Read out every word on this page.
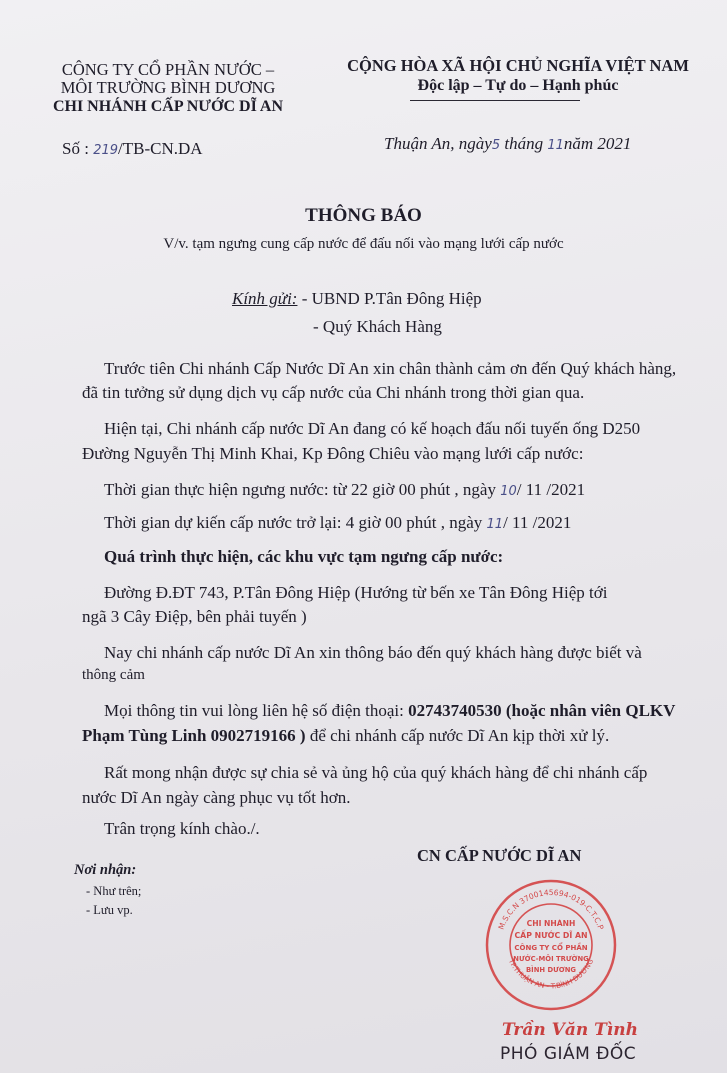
CÔNG TY CỔ PHẦN NƯỚC –
MÔI TRƯỜNG BÌNH DƯƠNG
CHI NHÁNH CẤP NƯỚC DĨ AN
CỘNG HÒA XÃ HỘI CHỦ NGHĨA VIỆT NAM
Độc lập – Tự do – Hạnh phúc
Số : 219/TB-CN.DA	Thuận An, ngày5 tháng 11năm 2021
THÔNG BÁO
V/v. tạm ngưng cung cấp nước để đấu nối vào mạng lưới cấp nước
Kính gửi: - UBND P.Tân Đông Hiệp
- Quý Khách Hàng
Trước tiên Chi nhánh Cấp Nước Dĩ An xin chân thành cảm ơn đến Quý khách hàng,
đã tin tưởng sử dụng dịch vụ cấp nước của Chi nhánh trong thời gian qua.
Hiện tại, Chi nhánh cấp nước Dĩ An đang có kế hoạch đấu nối tuyến ống D250
Đường Nguyễn Thị Minh Khai, Kp Đông Chiêu vào mạng lưới cấp nước:
Thời gian thực hiện ngưng nước: từ 22 giờ 00 phút , ngày 10/ 11 /2021
Thời gian dự kiến cấp nước trở lại: 4 giờ 00 phút , ngày 11/ 11 /2021
Quá trình thực hiện, các khu vực tạm ngưng cấp nước:
Đường Đ.ĐT 743, P.Tân Đông Hiệp (Hướng từ bến xe Tân Đông Hiệp tới
ngã 3 Cây Điệp, bên phải tuyến )
Nay chi nhánh cấp nước Dĩ An xin thông báo đến quý khách hàng được biết và
thông cảm
Mọi thông tin vui lòng liên hệ số điện thoại: 02743740530 (hoặc nhân viên QLKV
Phạm Tùng Linh 0902719166 ) để chi nhánh cấp nước Dĩ An kịp thời xử lý.
Rất mong nhận được sự chia sẻ và ủng hộ của quý khách hàng để chi nhánh cấp
nước Dĩ An ngày càng phục vụ tốt hơn.
Trân trọng kính chào./.
CN CẤP NƯỚC DĨ AN
Nơi nhận:
- Như trên;
- Lưu vp.
M.S.C.N 3700145694-019-C.T.C.P
TP.THUẬN AN - T.BÌNH DƯƠNG
CHI NHÁNH
CẤP NƯỚC DĨ AN
CÔNG TY CỔ PHẦN
NƯỚC-MÔI TRƯỜNG
BÌNH DƯƠNG
Trần Văn Tình
PHÓ GIÁM ĐỐC
